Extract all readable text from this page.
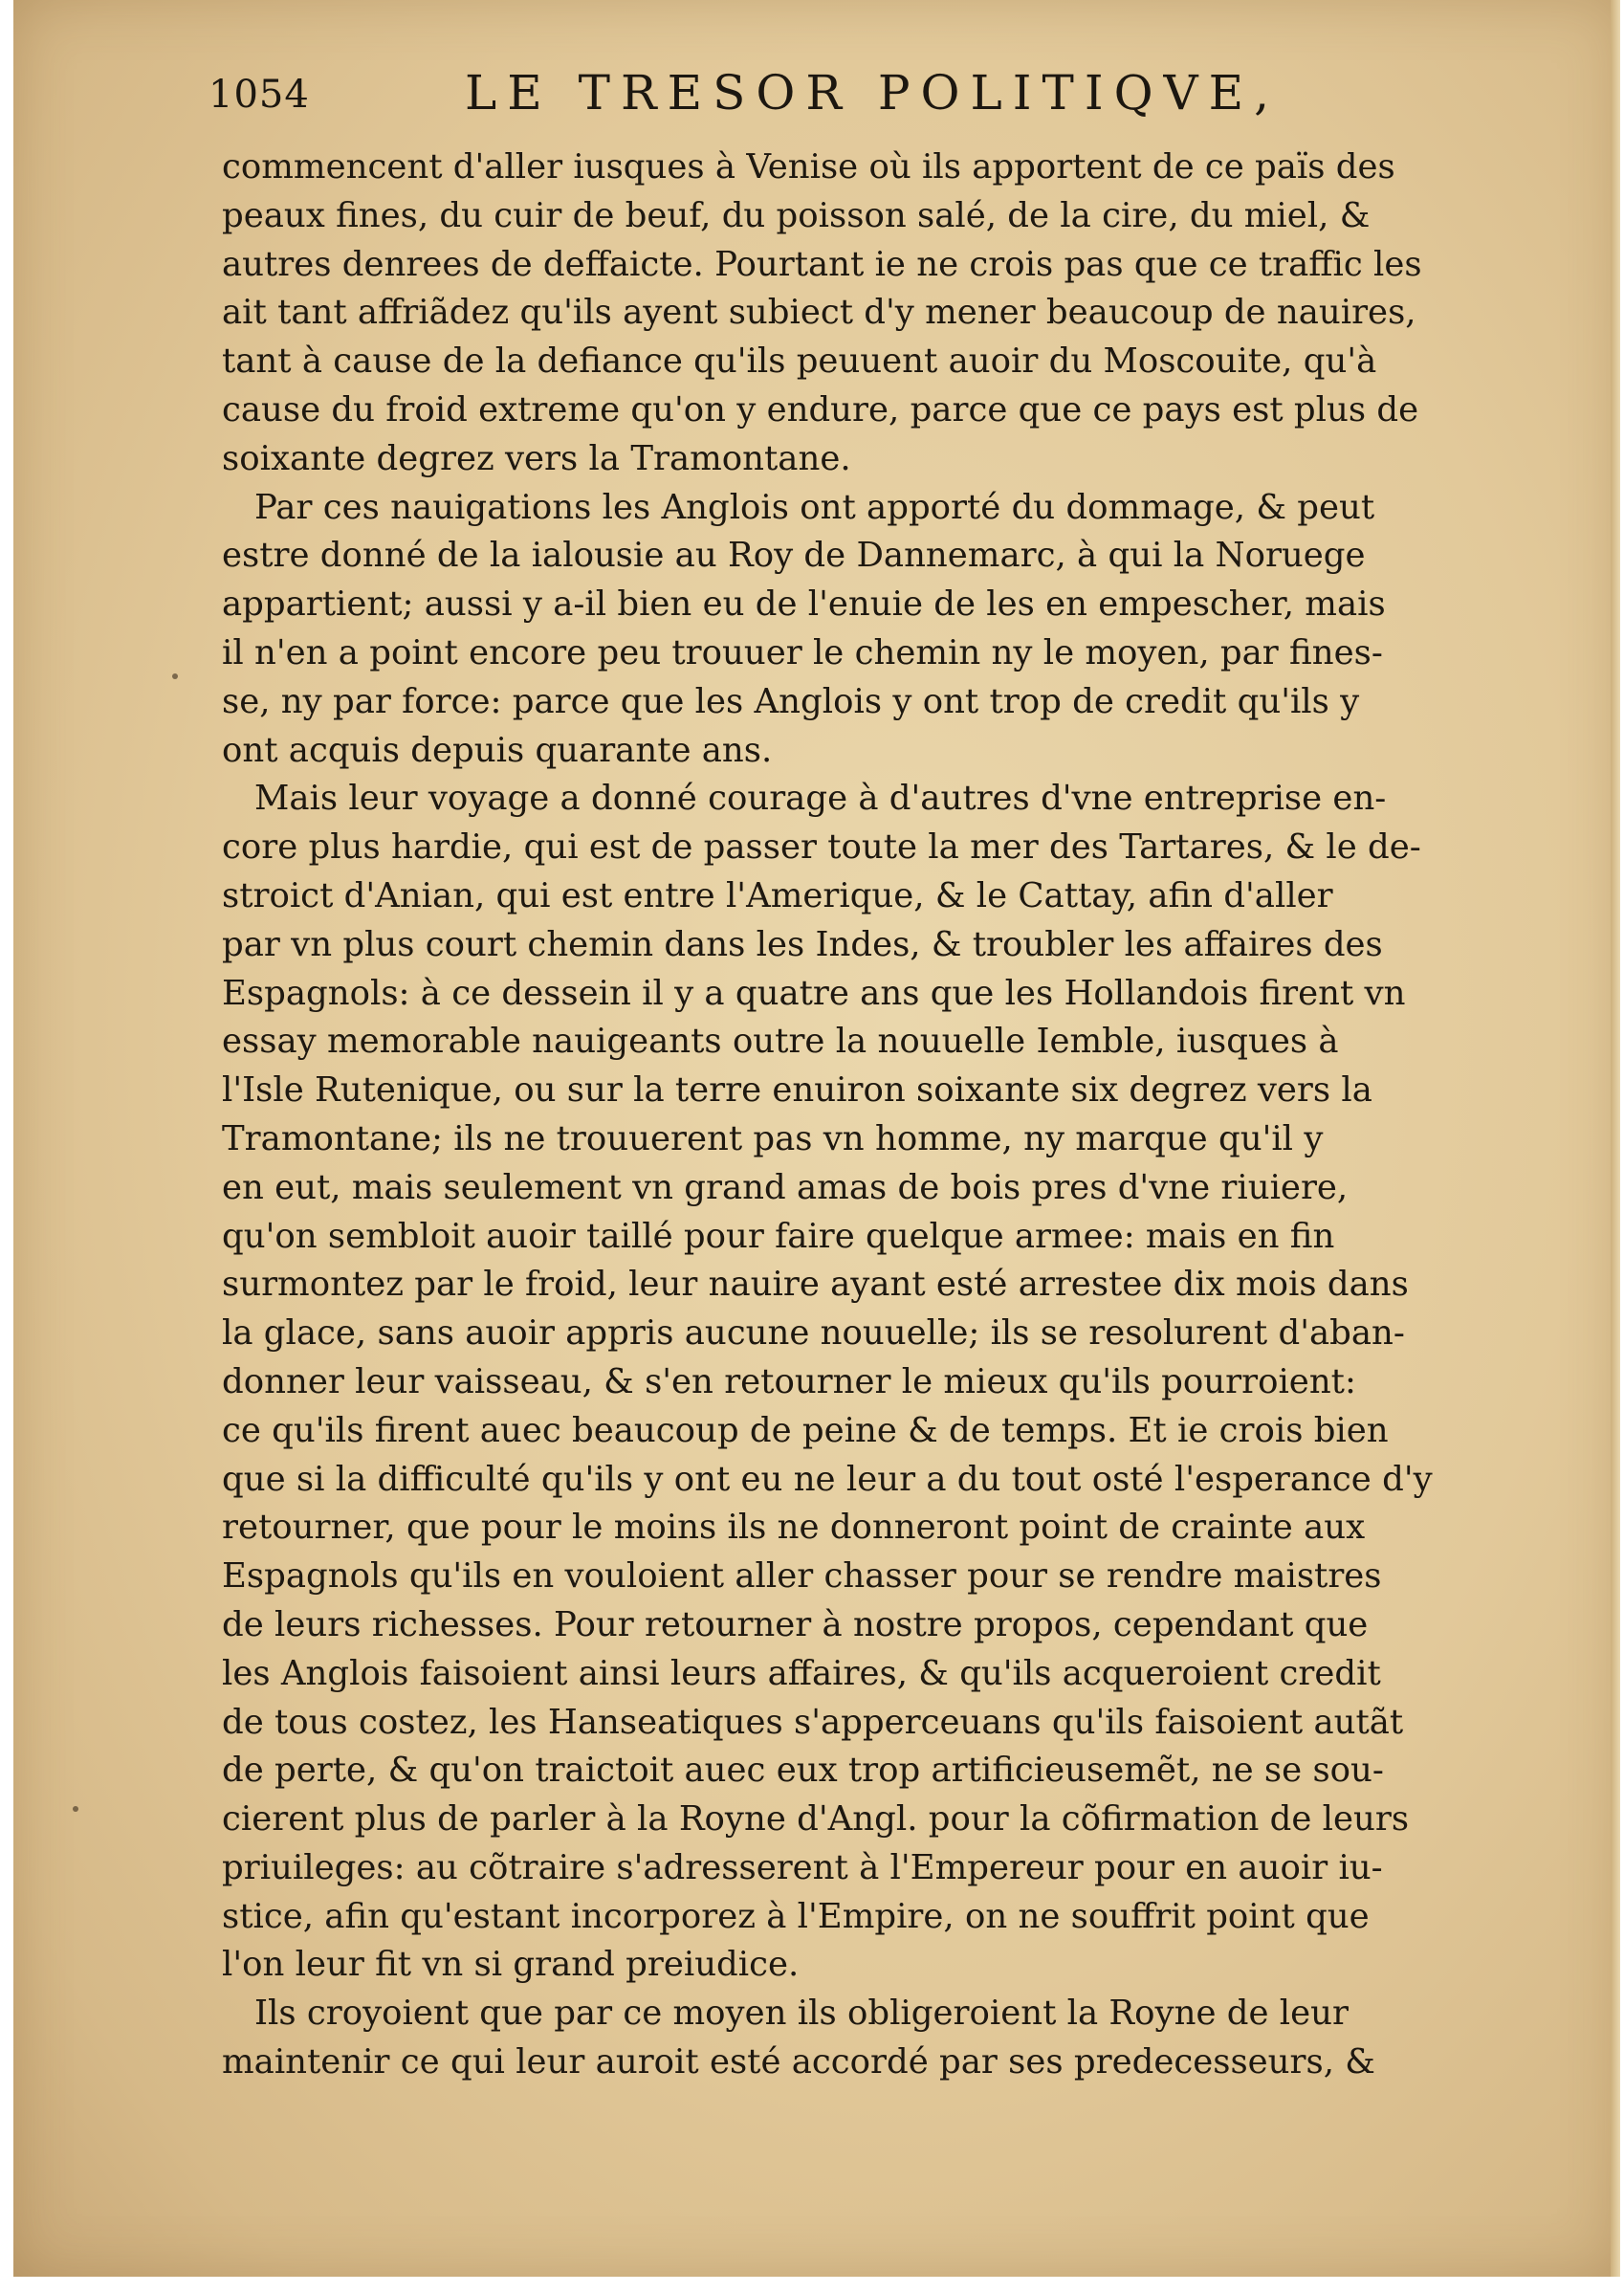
1054	LE TRESOR POLITIQVE,
commencent d'aller iusques à Venise où ils apportent de ce païs des
peaux fines, du cuir de beuf, du poisson salé, de la cire, du miel, &
autres denrees de deffaicte. Pourtant ie ne crois pas que ce traffic les
ait tant affriãdez qu'ils ayent subiect d'y mener beaucoup de nauires,
tant à cause de la defiance qu'ils peuuent auoir du Moscouite, qu'à
cause du froid extreme qu'on y endure, parce que ce pays est plus de
soixante degrez vers la Tramontane.
Par ces nauigations les Anglois ont apporté du dommage, & peut
estre donné de la ialousie au Roy de Dannemarc, à qui la Noruege
appartient; aussi y a-il bien eu de l'enuie de les en empescher, mais
il n'en a point encore peu trouuer le chemin ny le moyen, par fines-
se, ny par force: parce que les Anglois y ont trop de credit qu'ils y
ont acquis depuis quarante ans.
Mais leur voyage a donné courage à d'autres d'vne entreprise en-
core plus hardie, qui est de passer toute la mer des Tartares, & le de-
stroict d'Anian, qui est entre l'Amerique, & le Cattay, afin d'aller
par vn plus court chemin dans les Indes, & troubler les affaires des
Espagnols: à ce dessein il y a quatre ans que les Hollandois firent vn
essay memorable nauigeants outre la nouuelle Iemble, iusques à
l'Isle Rutenique, ou sur la terre enuiron soixante six degrez vers la
Tramontane; ils ne trouuerent pas vn homme, ny marque qu'il y
en eut, mais seulement vn grand amas de bois pres d'vne riuiere,
qu'on sembloit auoir taillé pour faire quelque armee: mais en fin
surmontez par le froid, leur nauire ayant esté arrestee dix mois dans
la glace, sans auoir appris aucune nouuelle; ils se resolurent d'aban-
donner leur vaisseau, & s'en retourner le mieux qu'ils pourroient:
ce qu'ils firent auec beaucoup de peine & de temps. Et ie crois bien
que si la difficulté qu'ils y ont eu ne leur a du tout osté l'esperance d'y
retourner, que pour le moins ils ne donneront point de crainte aux
Espagnols qu'ils en vouloient aller chasser pour se rendre maistres
de leurs richesses. Pour retourner à nostre propos, cependant que
les Anglois faisoient ainsi leurs affaires, & qu'ils acqueroient credit
de tous costez, les Hanseatiques s'apperceuans qu'ils faisoient autãt
de perte, & qu'on traictoit auec eux trop artificieusemẽt, ne se sou-
cierent plus de parler à la Royne d'Angl. pour la cõfirmation de leurs
priuileges: au cõtraire s'adresserent à l'Empereur pour en auoir iu-
stice, afin qu'estant incorporez à l'Empire, on ne souffrit point que
l'on leur fit vn si grand preiudice.
Ils croyoient que par ce moyen ils obligeroient la Royne de leur
maintenir ce qui leur auroit esté accordé par ses predecesseurs, &
